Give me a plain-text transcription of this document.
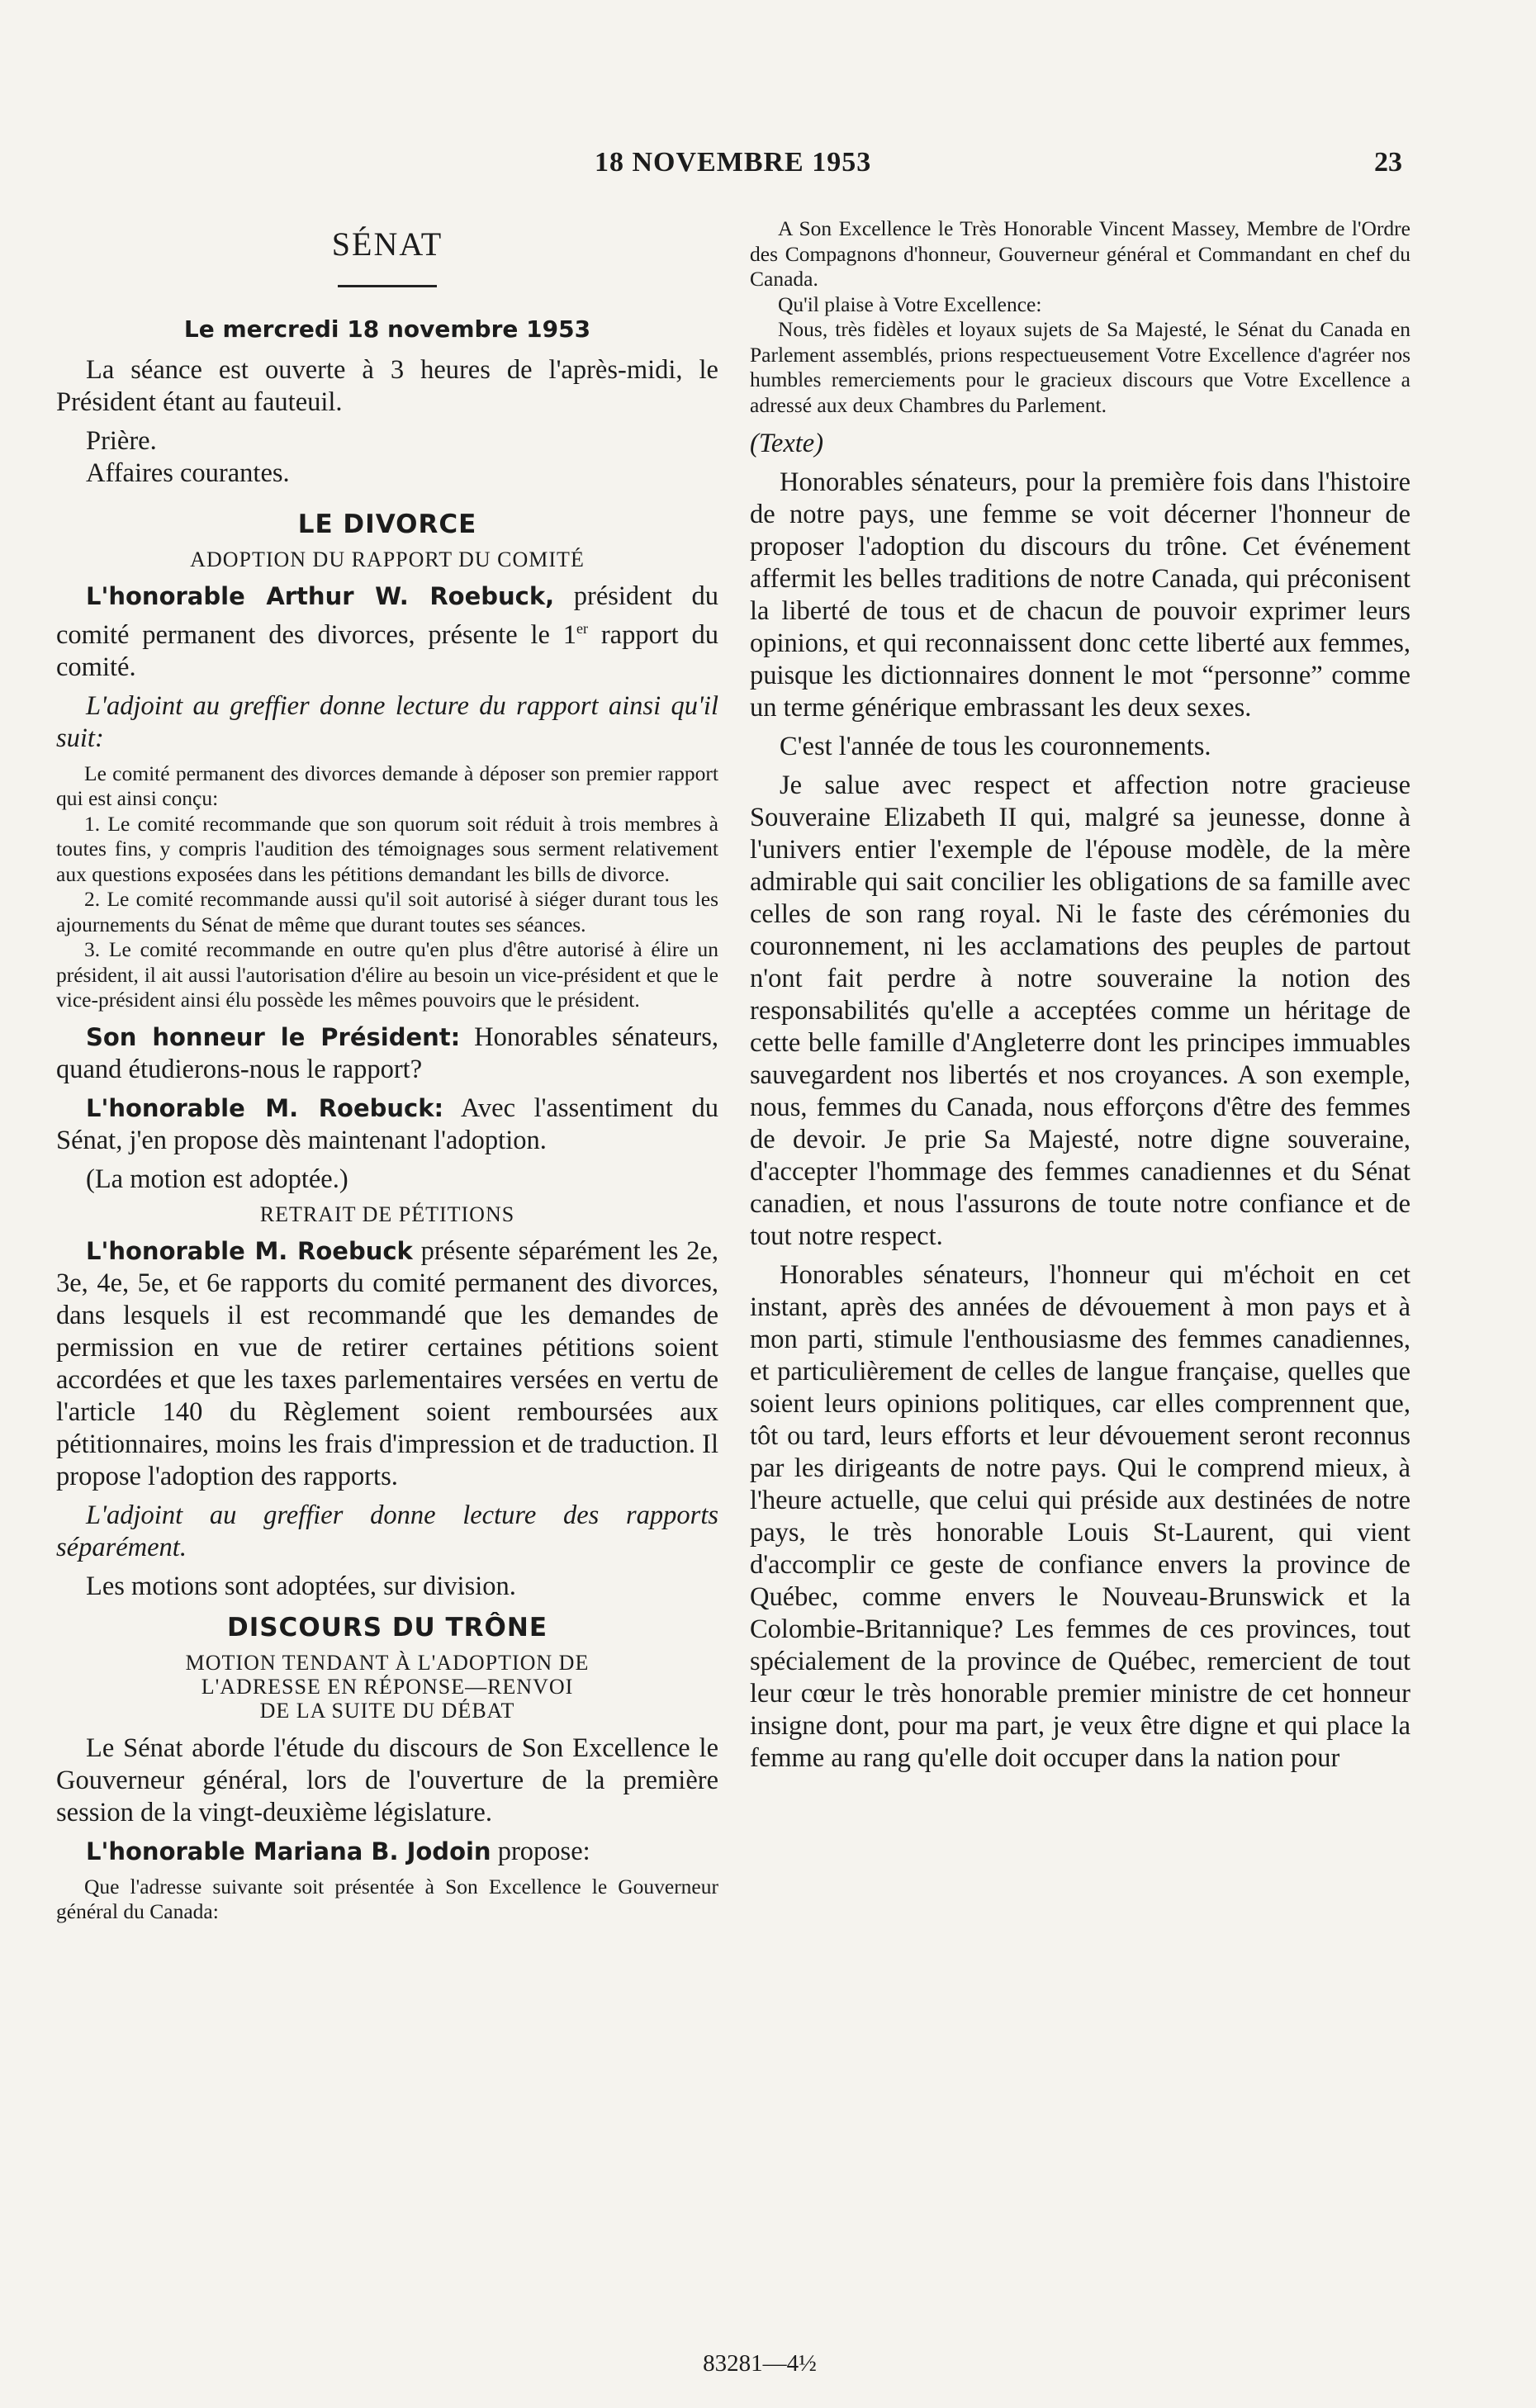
18 NOVEMBRE 1953	23
SÉNAT
Le mercredi 18 novembre 1953

La séance est ouverte à 3 heures de l'après-midi, le Président étant au fauteuil.

Prière.

Affaires courantes.

LE DIVORCE
ADOPTION DU RAPPORT DU COMITÉ

L'honorable Arthur W. Roebuck, président du comité permanent des divorces, présente le 1er rapport du comité.

L'adjoint au greffier donne lecture du rapport ainsi qu'il suit:

Le comité permanent des divorces demande à déposer son premier rapport qui est ainsi conçu:

1. Le comité recommande que son quorum soit réduit à trois membres à toutes fins, y compris l'audition des témoignages sous serment relativement aux questions exposées dans les pétitions demandant les bills de divorce.

2. Le comité recommande aussi qu'il soit autorisé à siéger durant tous les ajournements du Sénat de même que durant toutes ses séances.

3. Le comité recommande en outre qu'en plus d'être autorisé à élire un président, il ait aussi l'autorisation d'élire au besoin un vice-président et que le vice-président ainsi élu possède les mêmes pouvoirs que le président.

Son honneur le Président: Honorables sénateurs, quand étudierons-nous le rapport?

L'honorable M. Roebuck: Avec l'assentiment du Sénat, j'en propose dès maintenant l'adoption.

(La motion est adoptée.)

RETRAIT DE PÉTITIONS

L'honorable M. Roebuck présente séparément les 2e, 3e, 4e, 5e, et 6e rapports du comité permanent des divorces, dans lesquels il est recommandé que les demandes de permission en vue de retirer certaines pétitions soient accordées et que les taxes parlementaires versées en vertu de l'article 140 du Règlement soient remboursées aux pétitionnaires, moins les frais d'impression et de traduction. Il propose l'adoption des rapports.

L'adjoint au greffier donne lecture des rapports séparément.

Les motions sont adoptées, sur division.

DISCOURS DU TRÔNE
MOTION TENDANT À L'ADOPTION DE
L'ADRESSE EN RÉPONSE—RENVOI
DE LA SUITE DU DÉBAT

Le Sénat aborde l'étude du discours de Son Excellence le Gouverneur général, lors de l'ouverture de la première session de la vingt-deuxième législature.

L'honorable Mariana B. Jodoin propose:

Que l'adresse suivante soit présentée à Son Excellence le Gouverneur général du Canada:

A Son Excellence le Très Honorable Vincent Massey, Membre de l'Ordre des Compagnons d'honneur, Gouverneur général et Commandant en chef du Canada.

Qu'il plaise à Votre Excellence:

Nous, très fidèles et loyaux sujets de Sa Majesté, le Sénat du Canada en Parlement assemblés, prions respectueusement Votre Excellence d'agréer nos humbles remerciements pour le gracieux discours que Votre Excellence a adressé aux deux Chambres du Parlement.

(Texte)

Honorables sénateurs, pour la première fois dans l'histoire de notre pays, une femme se voit décerner l'honneur de proposer l'adoption du discours du trône. Cet événement affermit les belles traditions de notre Canada, qui préconisent la liberté de tous et de chacun de pouvoir exprimer leurs opinions, et qui reconnaissent donc cette liberté aux femmes, puisque les dictionnaires donnent le mot “personne” comme un terme générique embrassant les deux sexes.

C'est l'année de tous les couronnements.

Je salue avec respect et affection notre gracieuse Souveraine Elizabeth II qui, malgré sa jeunesse, donne à l'univers entier l'exemple de l'épouse modèle, de la mère admirable qui sait concilier les obligations de sa famille avec celles de son rang royal. Ni le faste des cérémonies du couronnement, ni les acclamations des peuples de partout n'ont fait perdre à notre souveraine la notion des responsabilités qu'elle a acceptées comme un héritage de cette belle famille d'Angleterre dont les principes immuables sauvegardent nos libertés et nos croyances. A son exemple, nous, femmes du Canada, nous efforçons d'être des femmes de devoir. Je prie Sa Majesté, notre digne souveraine, d'accepter l'hommage des femmes canadiennes et du Sénat canadien, et nous l'assurons de toute notre confiance et de tout notre respect.

Honorables sénateurs, l'honneur qui m'échoit en cet instant, après des années de dévouement à mon pays et à mon parti, stimule l'enthousiasme des femmes canadiennes, et particulièrement de celles de langue française, quelles que soient leurs opinions politiques, car elles comprennent que, tôt ou tard, leurs efforts et leur dévouement seront reconnus par les dirigeants de notre pays. Qui le comprend mieux, à l'heure actuelle, que celui qui préside aux destinées de notre pays, le très honorable Louis St-Laurent, qui vient d'accomplir ce geste de confiance envers la province de Québec, comme envers le Nouveau-Brunswick et la Colombie-Britannique? Les femmes de ces provinces, tout spécialement de la province de Québec, remercient de tout leur cœur le très honorable premier ministre de cet honneur insigne dont, pour ma part, je veux être digne et qui place la femme au rang qu'elle doit occuper dans la nation pour

83281—4½
